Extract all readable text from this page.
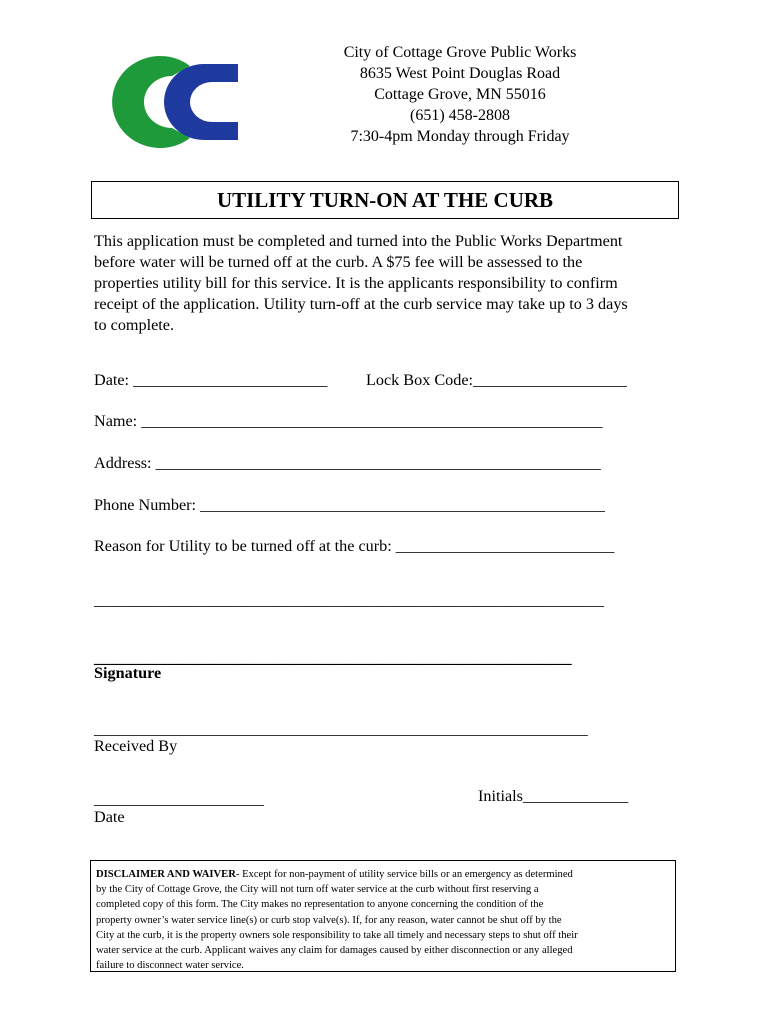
City of Cottage Grove Public Works
8635 West Point Douglas Road
Cottage Grove, MN 55016
(651) 458-2808
7:30-4pm Monday through Friday
UTILITY TURN-ON AT THE CURB
This application must be completed and turned into the Public Works Department
before water will be turned off at the curb. A $75 fee will be assessed to the
properties utility bill for this service. It is the applicants responsibility to confirm
receipt of the application. Utility turn-off at the curb service may take up to 3 days
to complete.
Date: ________________________ Lock Box Code:___________________
Name: _________________________________________________________
Address: _______________________________________________________
Phone Number: __________________________________________________
Reason for Utility to be turned off at the curb: ___________________________
_______________________________________________________________
___________________________________________________________
Signature
_____________________________________________________________
Received By
_____________________	Initials_____________
Date
DISCLAIMER AND WAIVER- Except for non-payment of utility service bills or an emergency as determined
by the City of Cottage Grove, the City will not turn off water service at the curb without first reserving a
completed copy of this form. The City makes no representation to anyone concerning the condition of the
property owner’s water service line(s) or curb stop valve(s). If, for any reason, water cannot be shut off by the
City at the curb, it is the property owners sole responsibility to take all timely and necessary steps to shut off their
water service at the curb. Applicant waives any claim for damages caused by either disconnection or any alleged
failure to disconnect water service.
